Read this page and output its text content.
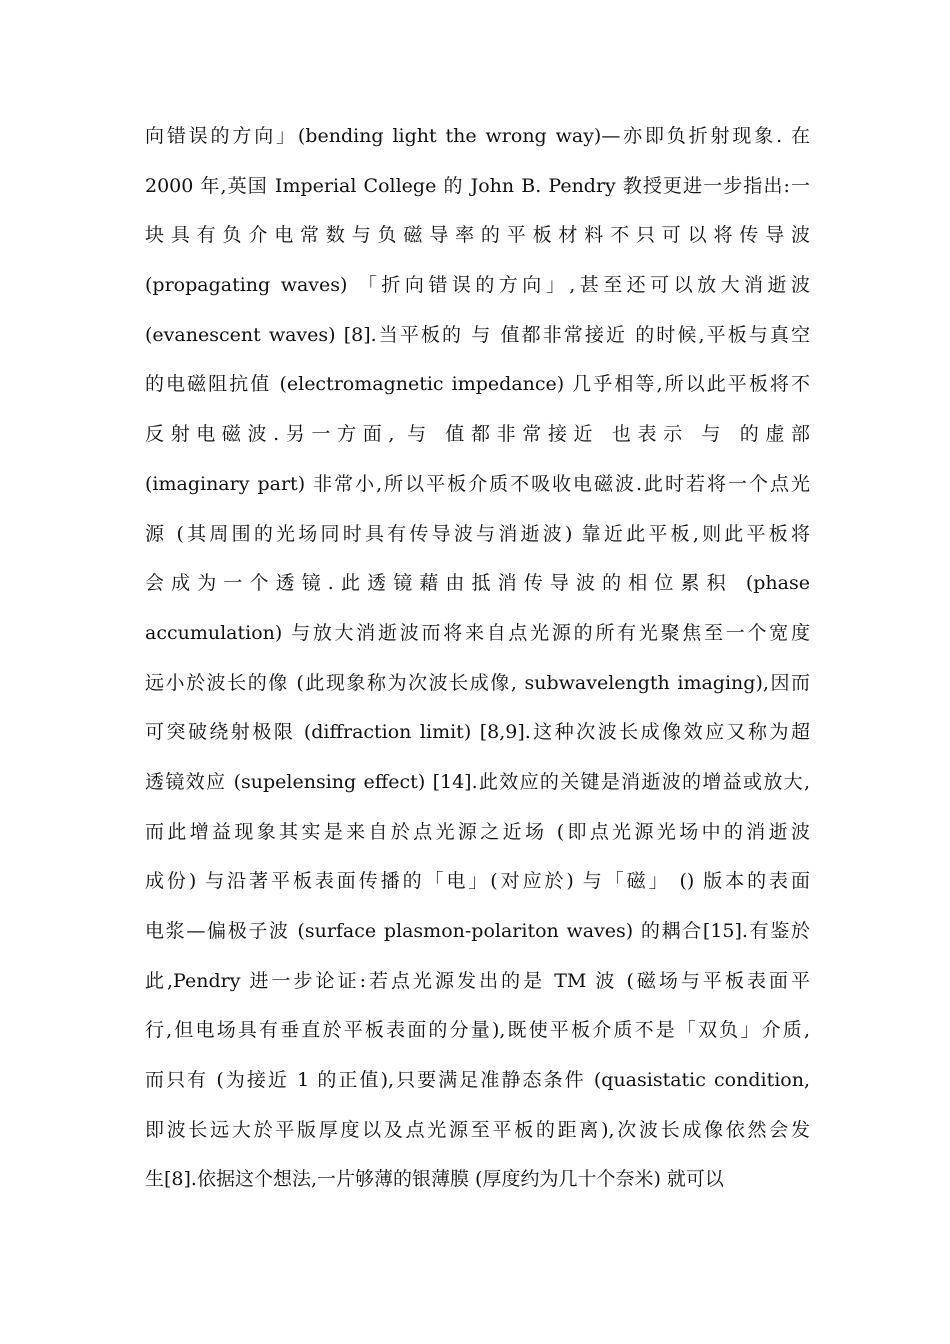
向错误的方向」(bending light the wrong way)—亦即负折射现象. 在
2000 年,英国 Imperial College 的 John B. Pendry 教授更进一步指出:一
块具有负介电常数与负磁导率的平板材料不只可以将传导波
(propagating waves) 「折向错误的方向」,甚至还可以放大消逝波
(evanescent waves) [8].当平板的 与 值都非常接近 的时候,平板与真空
的电磁阻抗值 (electromagnetic impedance) 几乎相等,所以此平板将不
反射电磁波.另一方面, 与 值都非常接近 也表示 与 的虚部
(imaginary part) 非常小,所以平板介质不吸收电磁波.此时若将一个点光
源 (其周围的光场同时具有传导波与消逝波) 靠近此平板,则此平板将
会成为一个透镜.此透镜藉由抵消传导波的相位累积 (phase
accumulation) 与放大消逝波而将来自点光源的所有光聚焦至一个宽度
远小於波长的像 (此现象称为次波长成像, subwavelength imaging),因而
可突破绕射极限 (diffraction limit) [8,9].这种次波长成像效应又称为超
透镜效应 (supelensing effect) [14].此效应的关键是消逝波的增益或放大,
而此增益现象其实是来自於点光源之近场 (即点光源光场中的消逝波
成份) 与沿著平板表面传播的「电」(对应於) 与「磁」 () 版本的表面
电浆—偏极子波 (surface plasmon-polariton waves) 的耦合[15].有鉴於
此,Pendry 进一步论证:若点光源发出的是 TM 波 (磁场与平板表面平
行,但电场具有垂直於平板表面的分量),既使平板介质不是「双负」介质,
而只有 (为接近 1 的正值),只要满足准静态条件 (quasistatic condition,
即波长远大於平版厚度以及点光源至平板的距离),次波长成像依然会发
生[8].依据这个想法,一片够薄的银薄膜 (厚度约为几十个奈米) 就可以
